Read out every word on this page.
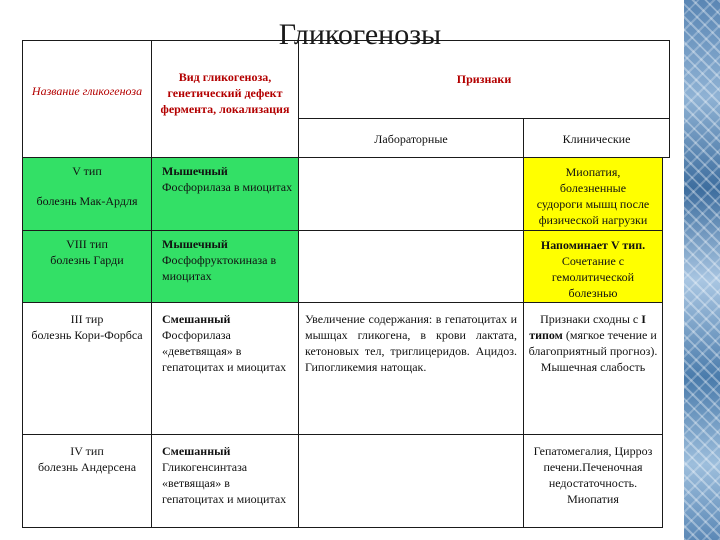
Гликогенозы
Название гликогеноза
Вид гликогеноза, генетический дефект фермента, локализация
Признаки
Лабораторные	Клинические
V тип
болезнь Мак-Ардля
Мышечный
Фосфорилаза в миоцитах
Миопатия,
болезненные
судороги мышц после
физической нагрузки
VIII тип
болезнь Гарди
Мышечный
Фосфофруктокиназа в миоцитах
Напоминает V тип.
Сочетание с гемолитической болезнью
III тир
болезнь Кори-Форбса
Смешанный
Фосфорилаза «деветвящая» в гепатоцитах и миоцитах
Увеличение содержания: в гепатоцитах и мышцах гликогена, в крови лактата, кетоновых тел, триглицеридов. Ацидоз. Гипогликемия натощак.
Признаки сходны с I типом (мягкое течение и благоприятный прогноз). Мышечная слабость
IV тип
болезнь Андерсена
Смешанный
Гликогенсинтаза «ветвящая» в гепатоцитах и миоцитах
Гепатомегалия, Цирроз печени.Печеночная недостаточность. Миопатия
